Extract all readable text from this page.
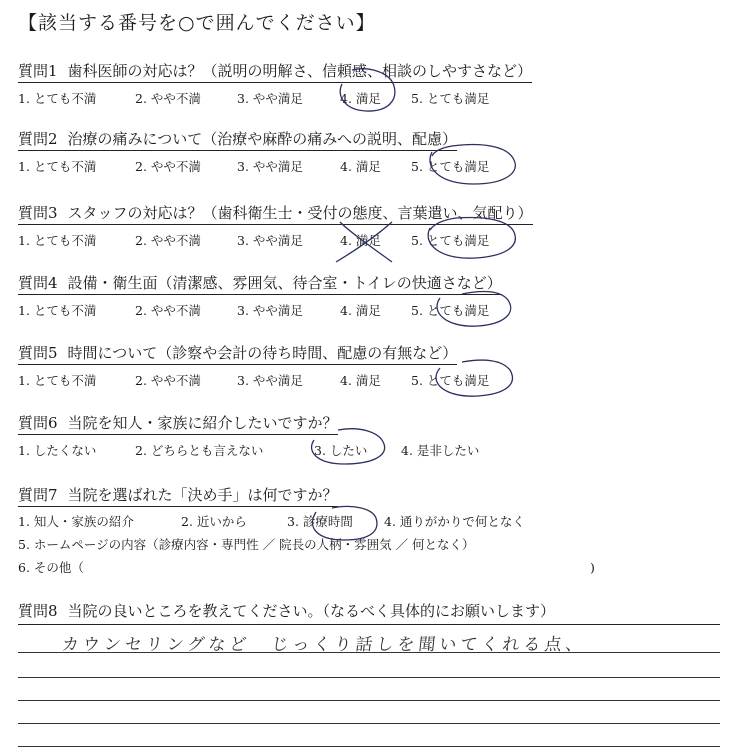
【該当する番号を○で囲んでください】
質問1 歯科医師の対応は？（説明の明解さ、信頼感、相談のしやすさなど）
1. とても不満	2. やや不満	3. やや満足	4. 満足 5. とても満足
質問2 治療の痛みについて（治療や麻酔の痛みへの説明、配慮）
1. とても不満	2. やや不満	3. やや満足	4. 満足 5. とても満足
質問3 スタッフの対応は？（歯科衛生士・受付の態度、言葉遣い、気配り）
1. とても不満	2. やや不満	3. やや満足	4. 満足 5. とても満足
質問4 設備・衛生面（清潔感、雰囲気、待合室・トイレの快適さなど）
1. とても不満	2. やや不満	3. やや満足	4. 満足 5. とても満足
質問5 時間について（診察や会計の待ち時間、配慮の有無など）
1. とても不満	2. やや不満	3. やや満足	4. 満足 5. とても満足
質問6 当院を知人・家族に紹介したいですか？
1. したくない	2. どちらとも言えない	3. したい	4. 是非したい
質問7 当院を選ばれた「決め手」は何ですか？
1. 知人・家族の紹介	2. 近いから	3. 診療時間 4. 通りがかりで何となく
5. ホームページの内容（診療内容・専門性 ／ 院長の人柄・雰囲気 ／ 何となく）
6. その他（	)
質問8 当院の良いところを教えてください。（なるべく具体的にお願いします）
カウンセリングなど　じっくり話しを聞いてくれる点、
